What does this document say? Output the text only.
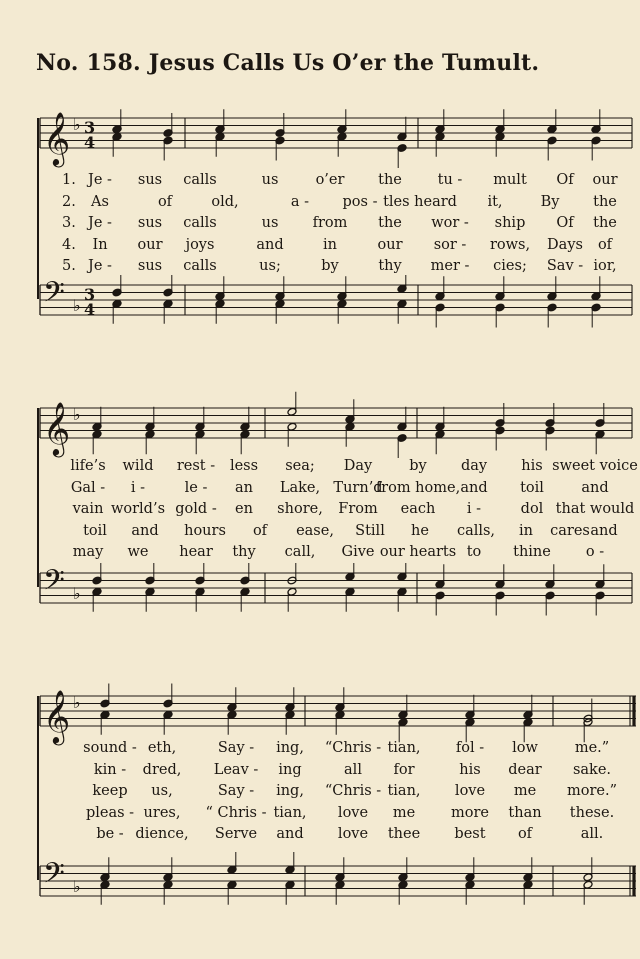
No. 158. Jesus Calls Us O’er the Tumult.
𝄞 ♭ 3
4
1. Je - sus calls	us	o’er the tu - mult Of our
2. As	of	old,	a - pos - tles heard it,	By the
3. Je - sus calls	us from the wor - ship Of the
4. In our joys	and	in	our sor - rows, Days of
5. Je - sus calls	us;	by	thy mer - cies; Sav - ior,
𝄢 ♭
3
4
𝄞 ♭
life’s wild rest - less sea; Day	by day his sweet voice
Gal - i -	le - an Lake, Turn’d
from home, and toil	and
vain world’s gold - en shore, From each i -	dol that would
toil and hours of ease, Still he calls, in cares and
may we hear thy call, Give our hearts to thine o -
𝄢 ♭
𝄞 ♭
sound - eth,	Say - ing, “Chris - tian, fol - low	me.”
kin - dred, Leav - ing	all for	his dear sake.
keep us,	Say - ing, “Chris - tian, love me more.”
pleas - ures, “ Chris - tian, love me more than these.
be - dience, Serve and love thee best of	all.
𝄢 ♭
